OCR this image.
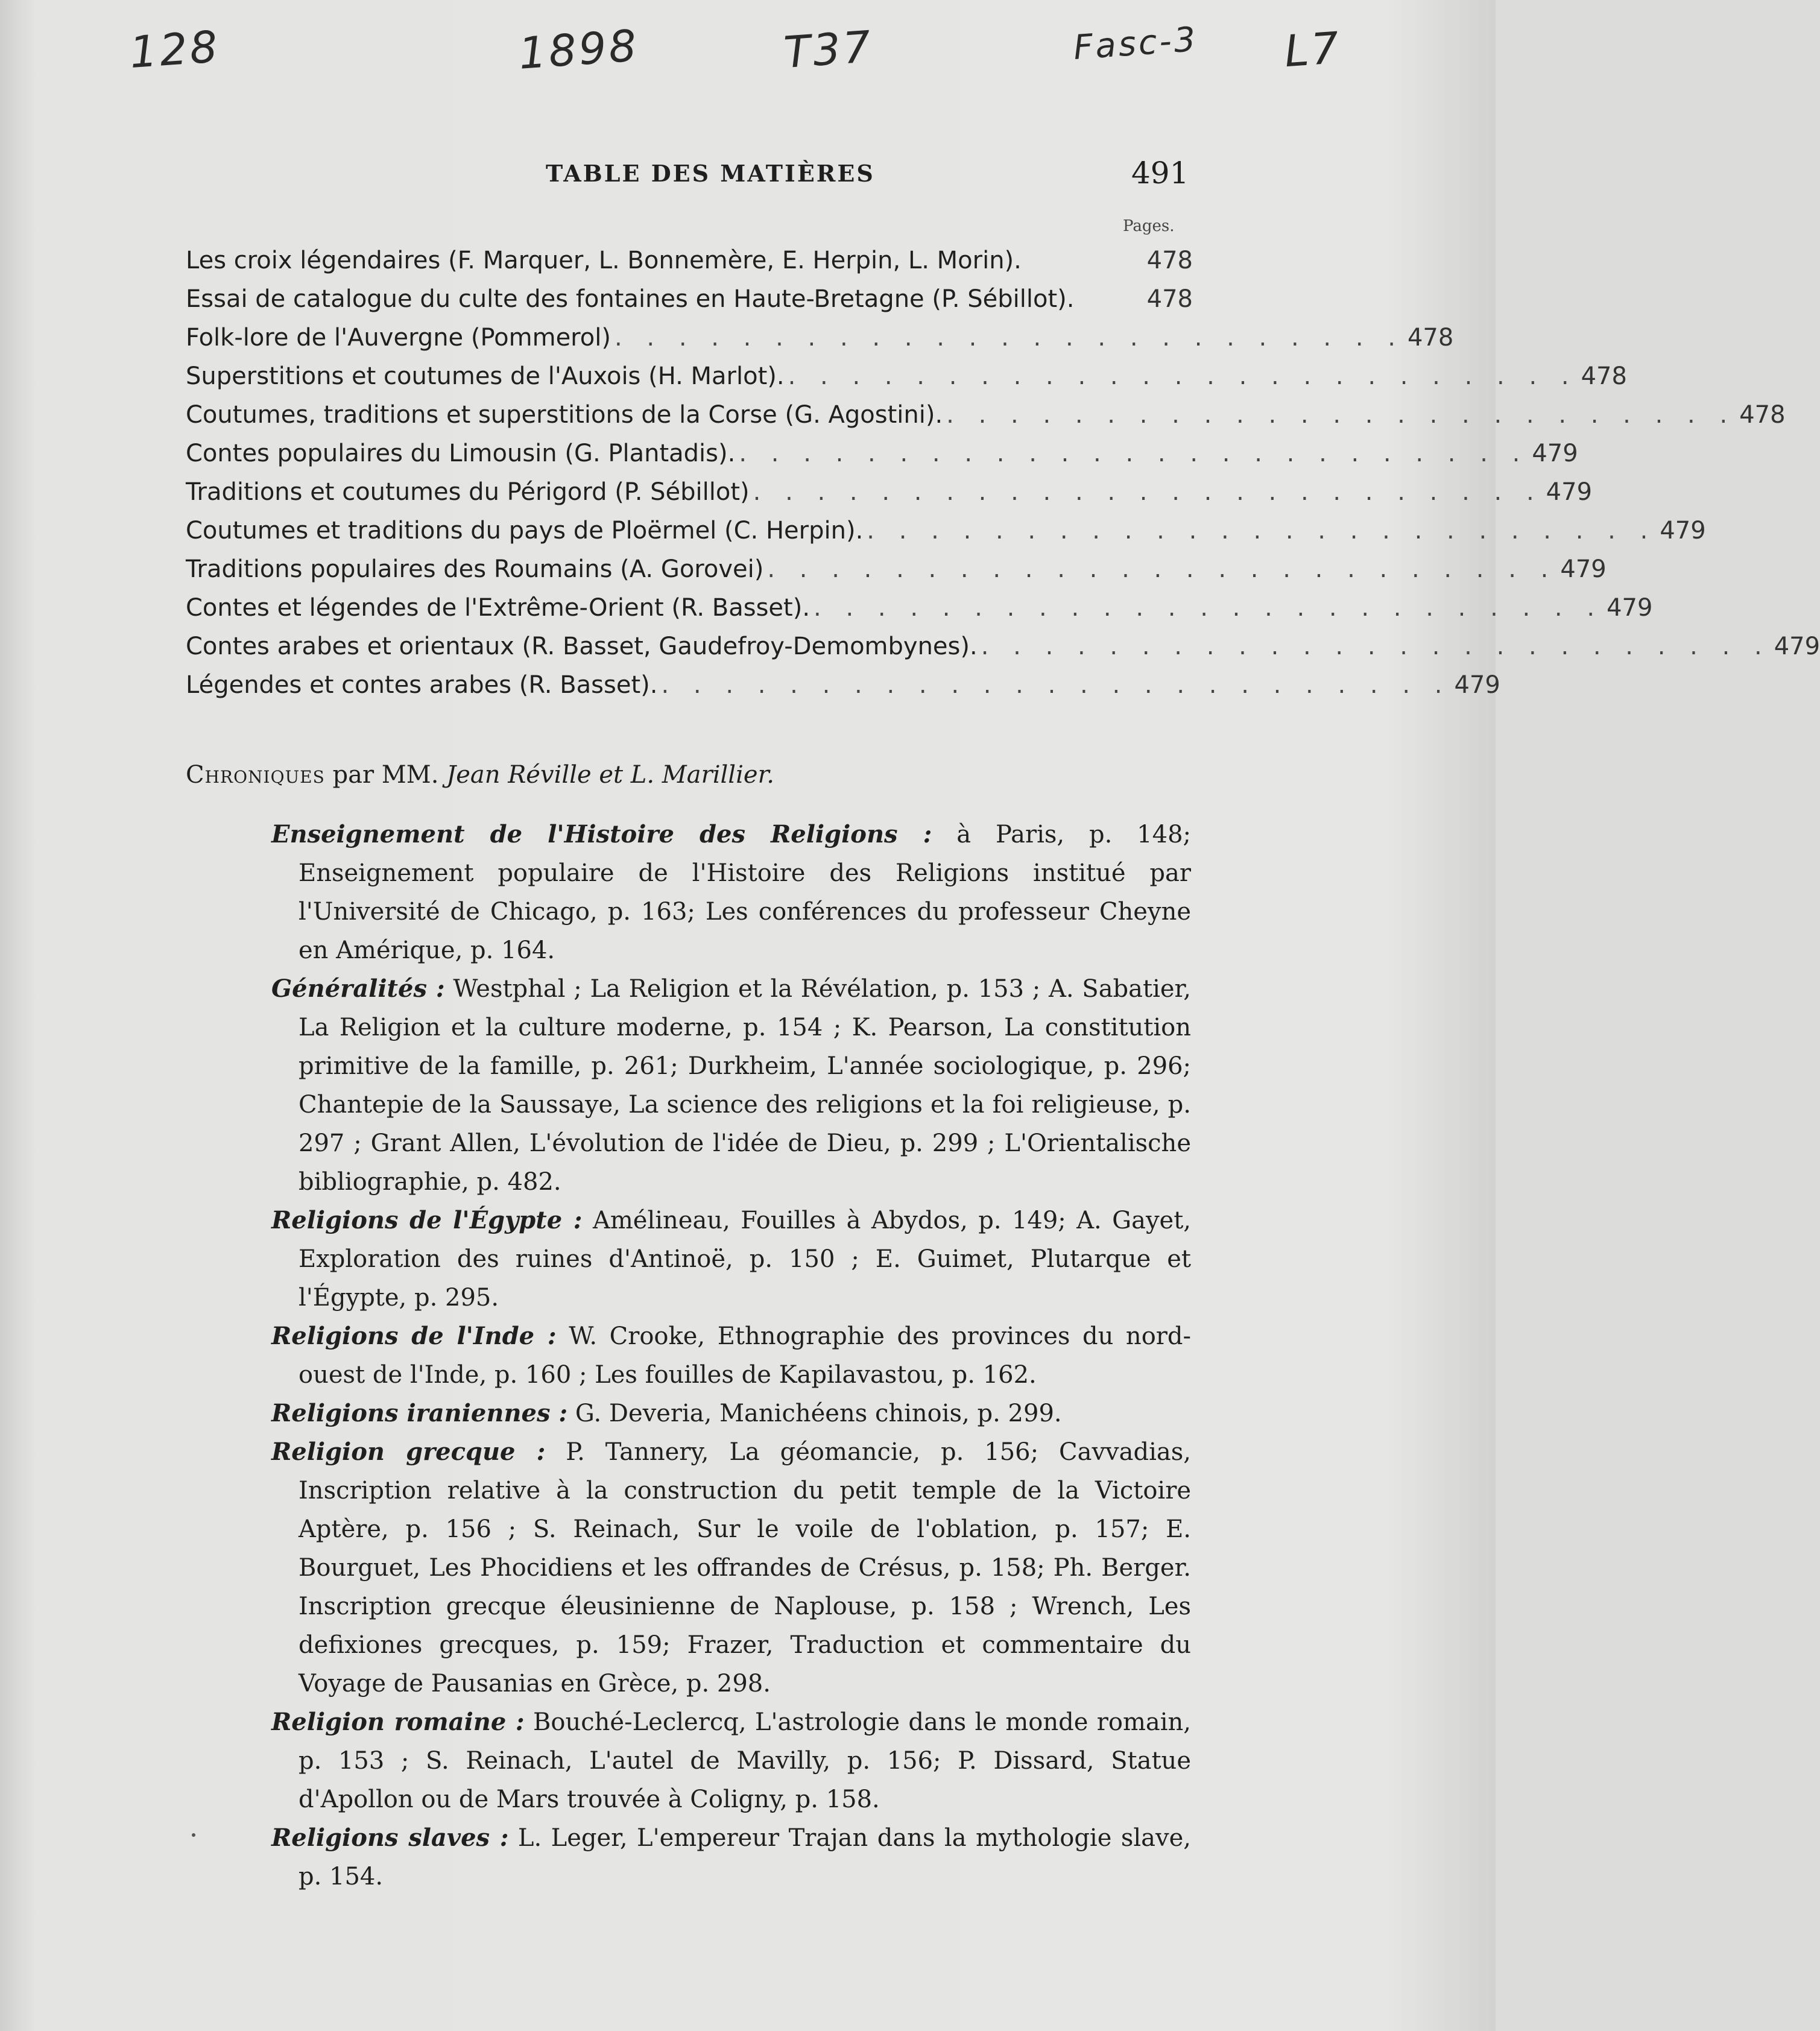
128	1898	T37	Fasc-3 L7
TABLE DES MATIÈRES	491
Pages.
Les croix légendaires (F. Marquer, L. Bonnemère, E. Herpin, L. Morin).	478
Essai de catalogue du culte des fontaines en Haute-Bretagne (P. Sébillot).	478
Folk-lore de l'Auvergne (Pommerol) . . . . . . . . . . . . . . . . . . . . . . . . . 478
Superstitions et coutumes de l'Auxois (H. Marlot). . . . . . . . . . . . . . . . . . . . . . . . . . 478
Coutumes, traditions et superstitions de la Corse (G. Agostini). . . . . . . . . . . . . . . . . . . . . . . . . . 478
Contes populaires du Limousin (G. Plantadis). . . . . . . . . . . . . . . . . . . . . . . . . . 479
Traditions et coutumes du Périgord (P. Sébillot) . . . . . . . . . . . . . . . . . . . . . . . . . 479
Coutumes et traditions du pays de Ploërmel (C. Herpin). . . . . . . . . . . . . . . . . . . . . . . . . . 479
Traditions populaires des Roumains (A. Gorovei) . . . . . . . . . . . . . . . . . . . . . . . . . 479
Contes et légendes de l'Extrême-Orient (R. Basset). . . . . . . . . . . . . . . . . . . . . . . . . . 479
Contes arabes et orientaux (R. Basset, Gaudefroy-Demombynes). . . . . . . . . . . . . . . . . . . . . . . . . . 479
Légendes et contes arabes (R. Basset). . . . . . . . . . . . . . . . . . . . . . . . . . 479
Chroniques par MM. Jean Réville et L. Marillier.

Enseignement de l'Histoire des Religions : à Paris, p. 148; Enseignement populaire de l'Histoire des Religions institué par l'Université de Chicago, p. 163; Les conférences du professeur Cheyne en Amérique, p. 164.

Généralités : Westphal ; La Religion et la Révélation, p. 153 ; A. Sabatier, La Religion et la culture moderne, p. 154 ; K. Pearson, La constitution primitive de la famille, p. 261; Durkheim, L'année sociologique, p. 296; Chantepie de la Saussaye, La science des religions et la foi religieuse, p. 297 ; Grant Allen, L'évolution de l'idée de Dieu, p. 299 ; L'Orientalische bibliographie, p. 482.

Religions de l'Égypte : Amélineau, Fouilles à Abydos, p. 149; A. Gayet, Exploration des ruines d'Antinoë, p. 150 ; E. Guimet, Plutarque et l'Égypte, p. 295.

Religions de l'Inde : W. Crooke, Ethnographie des provinces du nord-ouest de l'Inde, p. 160 ; Les fouilles de Kapilavastou, p. 162.

Religions iraniennes : G. Deveria, Manichéens chinois, p. 299.

Religion grecque : P. Tannery, La géomancie, p. 156; Cavvadias, Inscription relative à la construction du petit temple de la Victoire Aptère, p. 156 ; S. Reinach, Sur le voile de l'oblation, p. 157; E. Bourguet, Les Phocidiens et les offrandes de Crésus, p. 158; Ph. Berger. Inscription grecque éleusinienne de Naplouse, p. 158 ; Wrench, Les defixiones grecques, p. 159; Frazer, Traduction et commentaire du Voyage de Pausanias en Grèce, p. 298.

Religion romaine : Bouché-Leclercq, L'astrologie dans le monde romain, p. 153 ; S. Reinach, L'autel de Mavilly, p. 156; P. Dissard, Statue d'Apollon ou de Mars trouvée à Coligny, p. 158.

Religions slaves : L. Leger, L'empereur Trajan dans la mythologie slave, p. 154.
